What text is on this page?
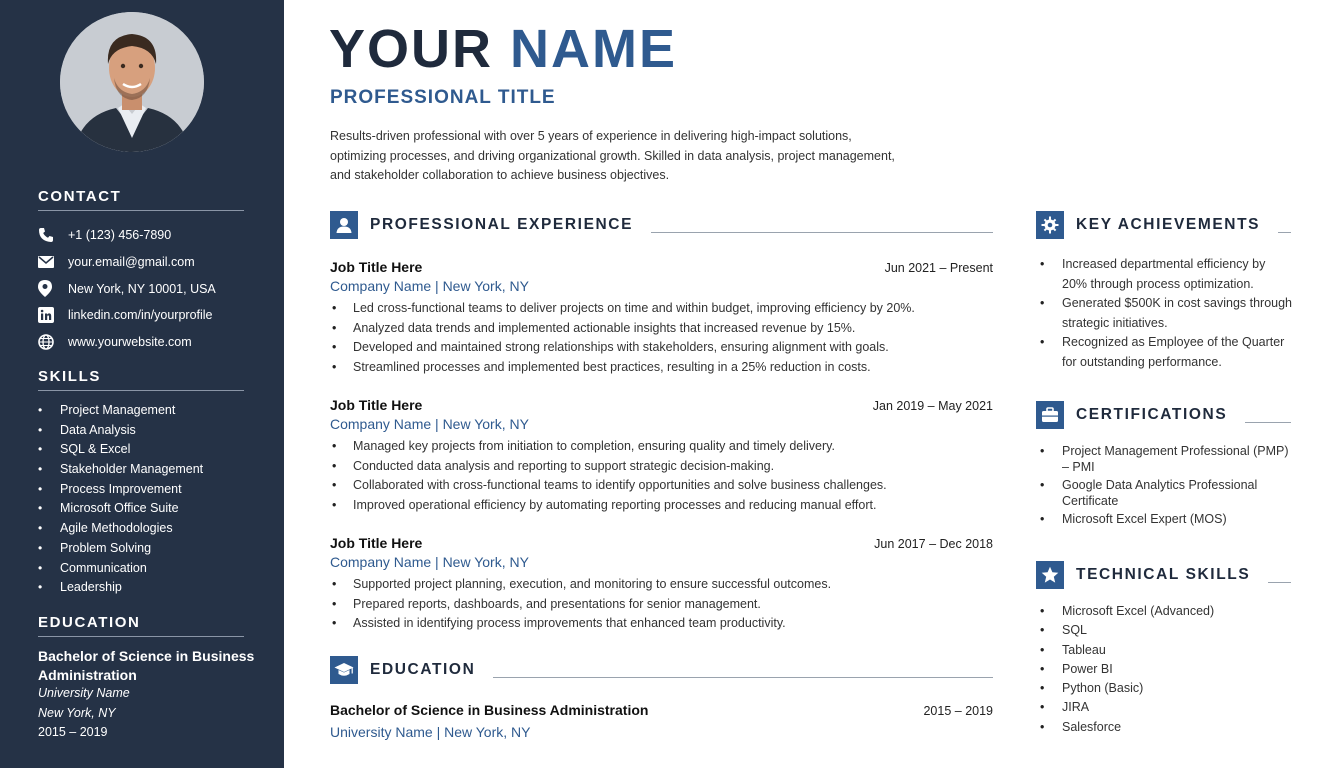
CONTACT
+1 (123) 456-7890
your.email@gmail.com
New York, NY 10001, USA
linkedin.com/in/yourprofile
www.yourwebsite.com
SKILLS
• Project Management
• Data Analysis
• SQL & Excel
• Stakeholder Management
• Process Improvement
• Microsoft Office Suite
• Agile Methodologies
• Problem Solving
• Communication
• Leadership
EDUCATION
Bachelor of Science in Business Administration
University Name
New York, NY
2015 – 2019
YOUR NAME
PROFESSIONAL TITLE
Results-driven professional with over 5 years of experience in delivering high-impact solutions, optimizing processes, and driving organizational growth. Skilled in data analysis, project management, and stakeholder collaboration to achieve business objectives.
PROFESSIONAL EXPERIENCE
Job Title Here	Jun 2021 – Present
Company Name | New York, NY
• Led cross-functional teams to deliver projects on time and within budget, improving efficiency by 20%.
• Analyzed data trends and implemented actionable insights that increased revenue by 15%.
• Developed and maintained strong relationships with stakeholders, ensuring alignment with goals.
• Streamlined processes and implemented best practices, resulting in a 25% reduction in costs.
Job Title Here	Jan 2019 – May 2021
Company Name | New York, NY
• Managed key projects from initiation to completion, ensuring quality and timely delivery.
• Conducted data analysis and reporting to support strategic decision-making.
• Collaborated with cross-functional teams to identify opportunities and solve business challenges.
• Improved operational efficiency by automating reporting processes and reducing manual effort.
Job Title Here	Jun 2017 – Dec 2018
Company Name | New York, NY
• Supported project planning, execution, and monitoring to ensure successful outcomes.
• Prepared reports, dashboards, and presentations for senior management.
• Assisted in identifying process improvements that enhanced team productivity.
EDUCATION
Bachelor of Science in Business Administration	2015 – 2019
University Name | New York, NY
KEY ACHIEVEMENTS
• Increased departmental efficiency by 20% through process optimization.
• Generated $500K in cost savings through strategic initiatives.
• Recognized as Employee of the Quarter for outstanding performance.
CERTIFICATIONS
• Project Management Professional (PMP) – PMI
• Google Data Analytics Professional Certificate
• Microsoft Excel Expert (MOS)
TECHNICAL SKILLS
• Microsoft Excel (Advanced)
• SQL
• Tableau
• Power BI
• Python (Basic)
• JIRA
• Salesforce
